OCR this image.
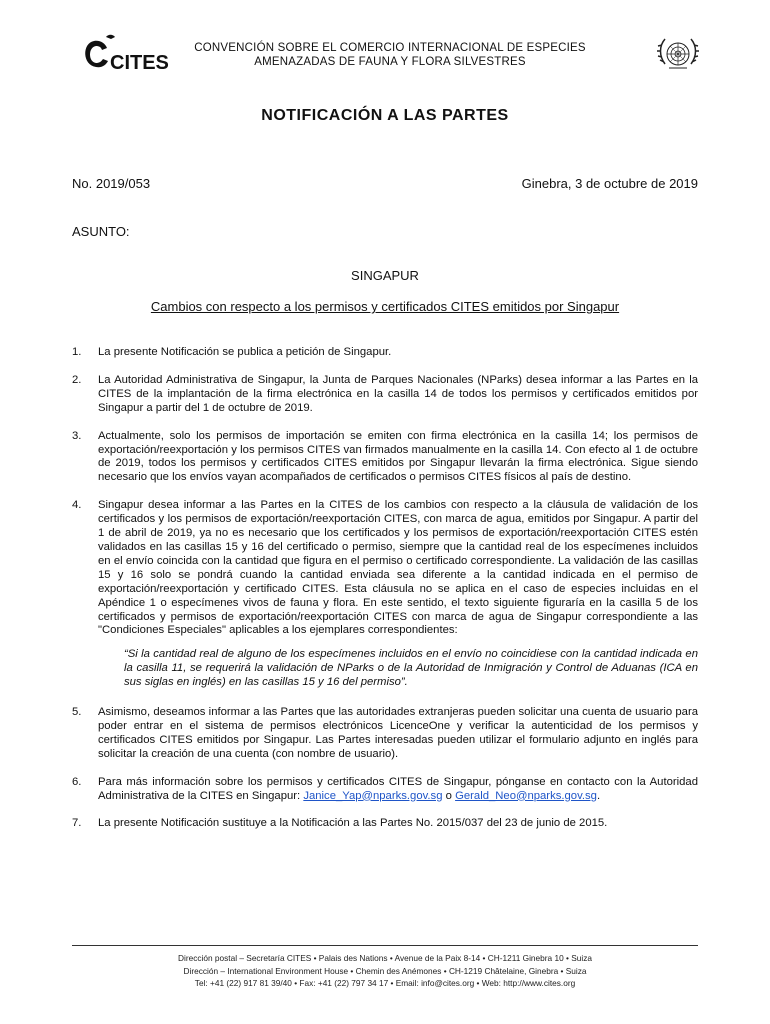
CITES
CONVENCIÓN SOBRE EL COMERCIO INTERNACIONAL DE ESPECIES
AMENAZADAS DE FAUNA Y FLORA SILVESTRES
NOTIFICACIÓN A LAS PARTES
No. 2019/053	Ginebra, 3 de octubre de 2019
ASUNTO:
SINGAPUR
Cambios con respecto a los permisos y certificados CITES emitidos por Singapur
1. La presente Notificación se publica a petición de Singapur.
2. La Autoridad Administrativa de Singapur, la Junta de Parques Nacionales (NParks) desea informar a las Partes en la CITES de la implantación de la firma electrónica en la casilla 14 de todos los permisos y certificados emitidos por Singapur a partir del 1 de octubre de 2019.
3. Actualmente, solo los permisos de importación se emiten con firma electrónica en la casilla 14; los permisos de exportación/reexportación y los permisos CITES van firmados manualmente en la casilla 14. Con efecto al 1 de octubre de 2019, todos los permisos y certificados CITES emitidos por Singapur llevarán la firma electrónica. Sigue siendo necesario que los envíos vayan acompañados de certificados o permisos CITES físicos al país de destino.
4. Singapur desea informar a las Partes en la CITES de los cambios con respecto a la cláusula de validación de los certificados y los permisos de exportación/reexportación CITES, con marca de agua, emitidos por Singapur. A partir del 1 de abril de 2019, ya no es necesario que los certificados y los permisos de exportación/reexportación CITES estén validados en las casillas 15 y 16 del certificado o permiso, siempre que la cantidad real de los especímenes incluidos en el envío coincida con la cantidad que figura en el permiso o certificado correspondiente. La validación de las casillas 15 y 16 solo se pondrá cuando la cantidad enviada sea diferente a la cantidad indicada en el permiso de exportación/reexportación y certificado CITES. Esta cláusula no se aplica en el caso de especies incluidas en el Apéndice 1 o especímenes vivos de fauna y flora. En este sentido, el texto siguiente figuraría en la casilla 5 de los certificados y permisos de exportación/reexportación CITES con marca de agua de Singapur correspondiente a las "Condiciones Especiales" aplicables a los ejemplares correspondientes:
“Si la cantidad real de alguno de los especímenes incluidos en el envío no coincidiese con la cantidad indicada en la casilla 11, se requerirá la validación de NParks o de la Autoridad de Inmigración y Control de Aduanas (ICA en sus siglas en inglés) en las casillas 15 y 16 del permiso”.
5. Asimismo, deseamos informar a las Partes que las autoridades extranjeras pueden solicitar una cuenta de usuario para poder entrar en el sistema de permisos electrónicos LicenceOne y verificar la autenticidad de los permisos y certificados CITES emitidos por Singapur. Las Partes interesadas pueden utilizar el formulario adjunto en inglés para solicitar la creación de una cuenta (con nombre de usuario).
6. Para más información sobre los permisos y certificados CITES de Singapur, pónganse en contacto con la Autoridad Administrativa de la CITES en Singapur: Janice_Yap@nparks.gov.sg o Gerald_Neo@nparks.gov.sg.
7. La presente Notificación sustituye a la Notificación a las Partes No. 2015/037 del 23 de junio de 2015.
Dirección postal – Secretaría CITES • Palais des Nations • Avenue de la Paix 8-14 • CH-1211 Ginebra 10 • Suiza
Dirección – International Environment House • Chemin des Anémones • CH-1219 Châtelaine, Ginebra • Suiza
Tel: +41 (22) 917 81 39/40 • Fax: +41 (22) 797 34 17 • Email: info@cites.org • Web: http://www.cites.org
